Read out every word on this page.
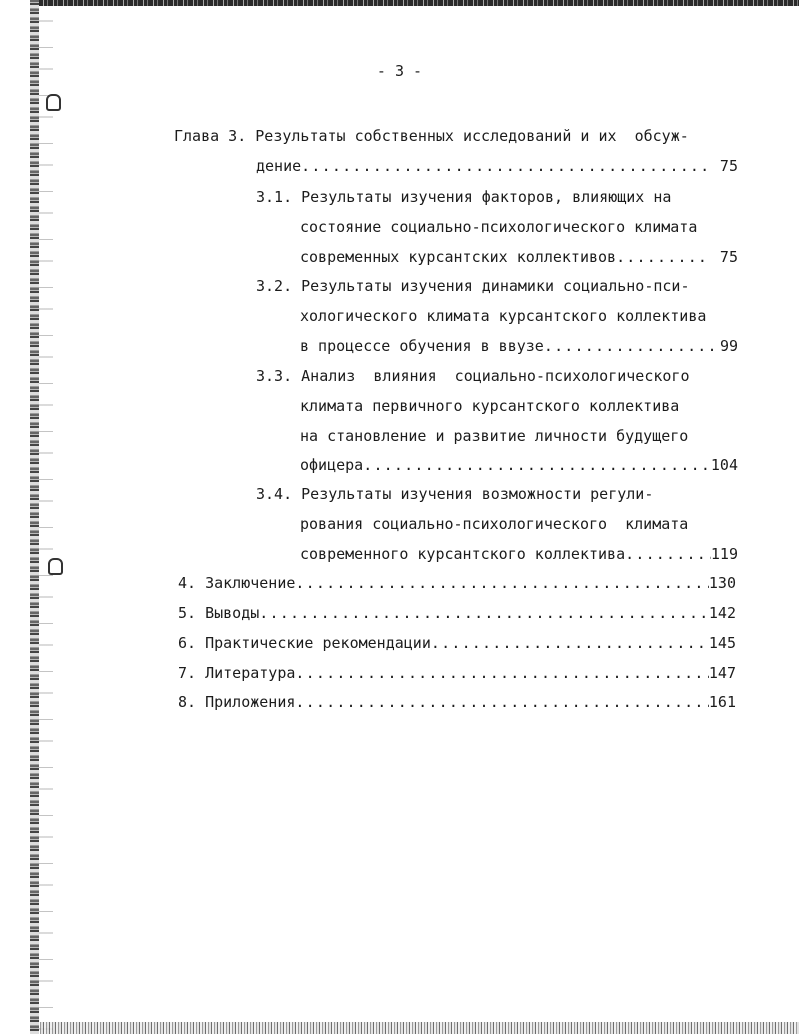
- 3 -
Глава 3. Результаты собственных исследований и их  обсуж-
дение .....	75
3.1. Результаты изучения факторов, влияющих на
состояние социально-психологического климата
современных курсантских коллективов .....	75
3.2. Результаты изучения динамики социально-пси-
хологического климата курсантского коллектива
в процессе обучения в ввузе .....	99
3.3. Анализ  влияния  социально-психологического
климата первичного курсантского коллектива
на становление и развитие личности будущего
офицера .....	104
3.4. Результаты изучения возможности регули-
рования социально-психологического  климата
современного курсантского коллектива .....	119
4. Заключение .....	130
5. Выводы .....	142
6. Практические рекомендации .....	145
7. Литература .....	147
8. Приложения .....	161
